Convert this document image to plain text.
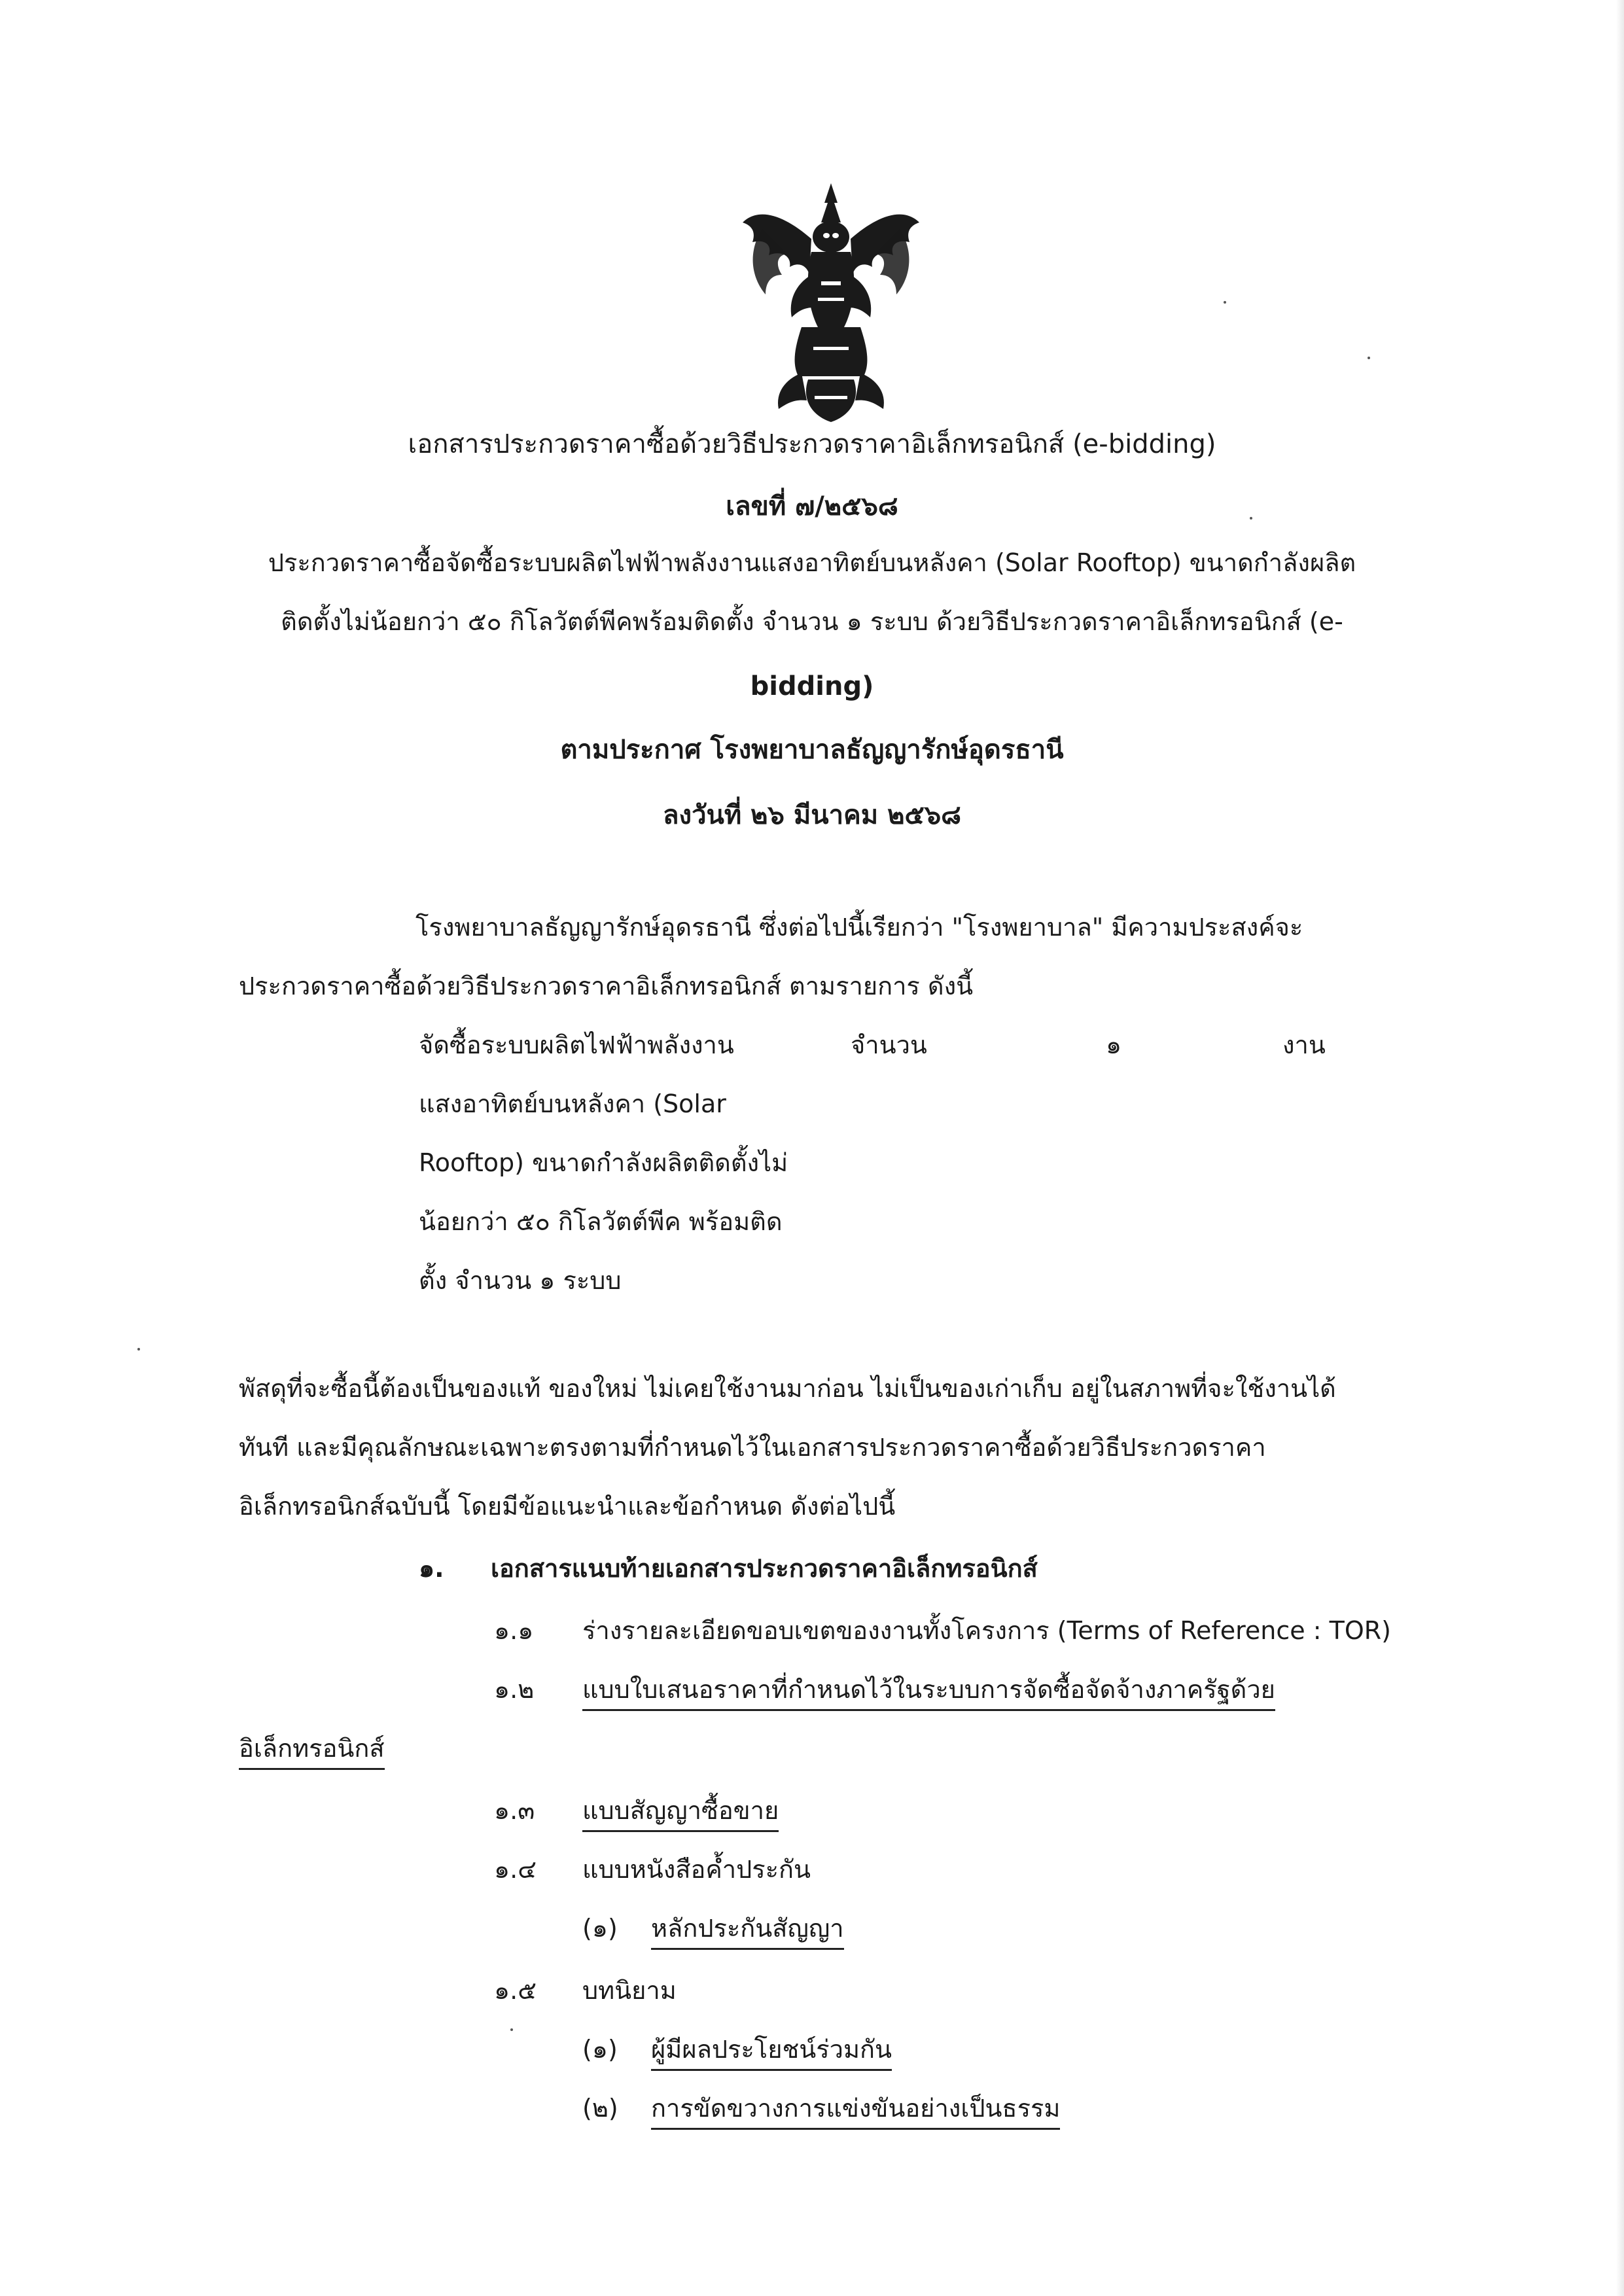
เอกสารประกวดราคาซื้อด้วยวิธีประกวดราคาอิเล็กทรอนิกส์ (e-bidding)
เลขที่ ๗/๒๕๖๘
ประกวดราคาซื้อจัดซื้อระบบผลิตไฟฟ้าพลังงานแสงอาทิตย์บนหลังคา (Solar Rooftop) ขนาดกำลังผลิต
ติดตั้งไม่น้อยกว่า ๕๐ กิโลวัตต์พีคพร้อมติดตั้ง จำนวน ๑ ระบบ ด้วยวิธีประกวดราคาอิเล็กทรอนิกส์ (e-
bidding)
ตามประกาศ โรงพยาบาลธัญญารักษ์อุดรธานี
ลงวันที่ ๒๖ มีนาคม ๒๕๖๘
โรงพยาบาลธัญญารักษ์อุดรธานี ซึ่งต่อไปนี้เรียกว่า "โรงพยาบาล" มีความประสงค์จะ
ประกวดราคาซื้อด้วยวิธีประกวดราคาอิเล็กทรอนิกส์ ตามรายการ ดังนี้
จัดซื้อระบบผลิตไฟฟ้าพลังงาน
แสงอาทิตย์บนหลังคา (Solar
Rooftop) ขนาดกำลังผลิตติดตั้งไม่
น้อยกว่า ๕๐ กิโลวัตต์พีค พร้อมติด
ตั้ง จำนวน ๑ ระบบ
จำนวน	๑	งาน
พัสดุที่จะซื้อนี้ต้องเป็นของแท้ ของใหม่ ไม่เคยใช้งานมาก่อน ไม่เป็นของเก่าเก็บ อยู่ในสภาพที่จะใช้งานได้
ทันที และมีคุณลักษณะเฉพาะตรงตามที่กำหนดไว้ในเอกสารประกวดราคาซื้อด้วยวิธีประกวดราคา
อิเล็กทรอนิกส์ฉบับนี้ โดยมีข้อแนะนำและข้อกำหนด ดังต่อไปนี้
๑. เอกสารแนบท้ายเอกสารประกวดราคาอิเล็กทรอนิกส์
๑.๑ ร่างรายละเอียดขอบเขตของงานทั้งโครงการ (Terms of Reference : TOR)
๑.๒ แบบใบเสนอราคาที่กำหนดไว้ในระบบการจัดซื้อจัดจ้างภาครัฐด้วย
อิเล็กทรอนิกส์
๑.๓ แบบสัญญาซื้อขาย
๑.๔ แบบหนังสือค้ำประกัน
(๑) หลักประกันสัญญา
๑.๕ บทนิยาม
(๑) ผู้มีผลประโยชน์ร่วมกัน
(๒) การขัดขวางการแข่งขันอย่างเป็นธรรม
